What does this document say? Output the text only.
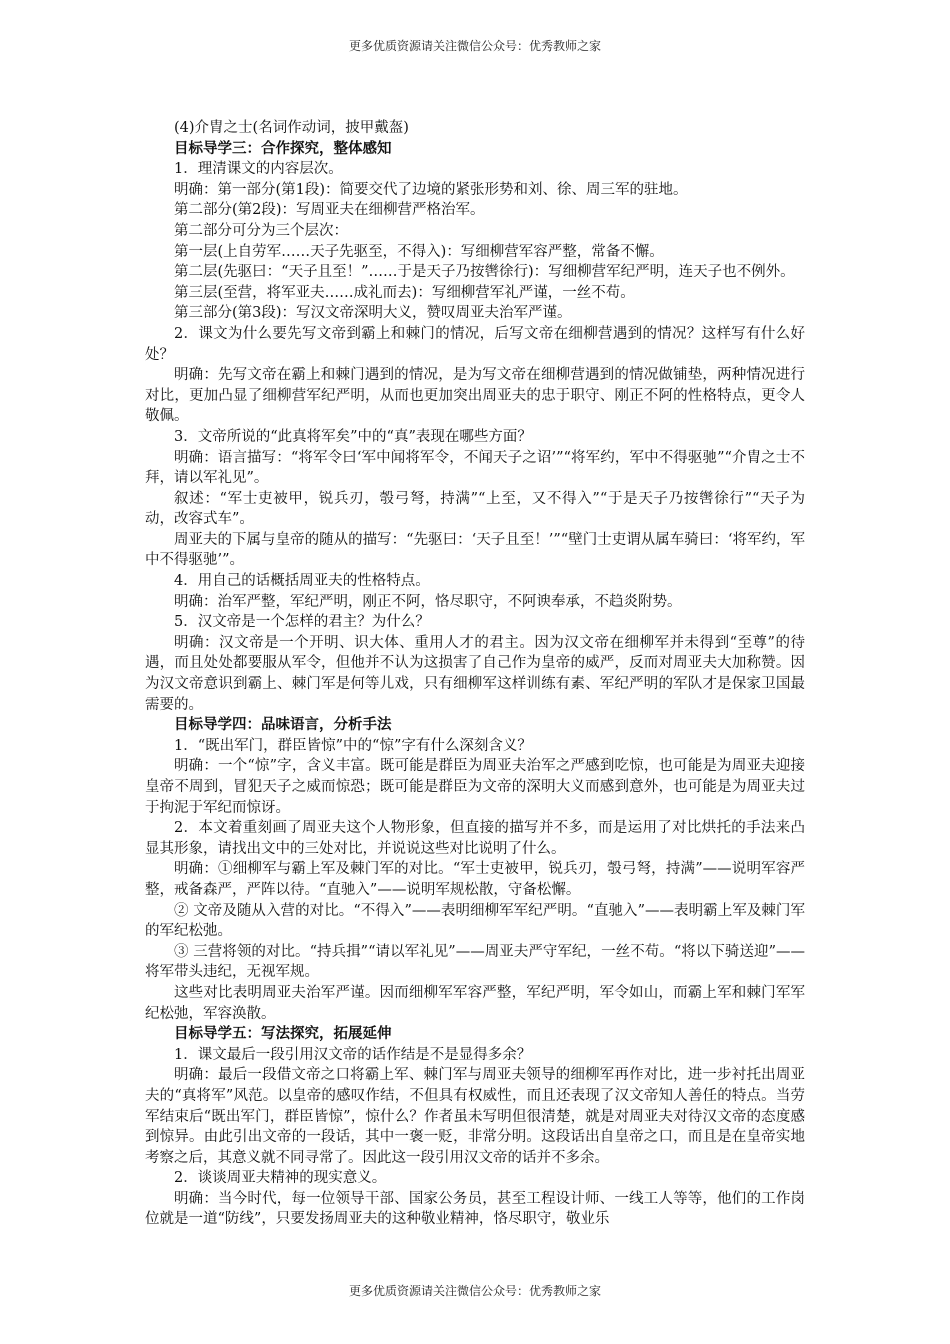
更多优质资源请关注微信公众号：优秀教师之家

(4)介胄之士(名词作动词，披甲戴盔)

目标导学三：合作探究，整体感知

1．理清课文的内容层次。

明确：第一部分(第1段)：简要交代了边境的紧张形势和刘、徐、周三军的驻地。

第二部分(第2段)：写周亚夫在细柳营严格治军。

第二部分可分为三个层次：

第一层(上自劳军……天子先驱至，不得入)：写细柳营军容严整，常备不懈。

第二层(先驱曰：“天子且至！”……于是天子乃按辔徐行)：写细柳营军纪严明，连天子也不例外。

第三层(至营，将军亚夫……成礼而去)：写细柳营军礼严谨，一丝不苟。

第三部分(第3段)：写汉文帝深明大义，赞叹周亚夫治军严谨。

2．课文为什么要先写文帝到霸上和棘门的情况，后写文帝在细柳营遇到的情况？这样写有什么好处？

明确：先写文帝在霸上和棘门遇到的情况，是为写文帝在细柳营遇到的情况做铺垫，两种情况进行对比，更加凸显了细柳营军纪严明，从而也更加突出周亚夫的忠于职守、刚正不阿的性格特点，更令人敬佩。

3．文帝所说的“此真将军矣”中的“真”表现在哪些方面？

明确：语言描写：“将军令曰‘军中闻将军令，不闻天子之诏’”“将军约，军中不得驱驰”“介胄之士不拜，请以军礼见”。

叙述：“军士吏被甲，锐兵刃，彀弓弩，持满”“上至，又不得入”“于是天子乃按辔徐行”“天子为动，改容式车”。

周亚夫的下属与皇帝的随从的描写：“先驱曰：‘天子且至！’”“壁门士吏谓从属车骑曰：‘将军约，军中不得驱驰’”。

4．用自己的话概括周亚夫的性格特点。

明确：治军严整，军纪严明，刚正不阿，恪尽职守，不阿谀奉承，不趋炎附势。

5．汉文帝是一个怎样的君主？为什么？

明确：汉文帝是一个开明、识大体、重用人才的君主。因为汉文帝在细柳军并未得到“至尊”的待遇，而且处处都要服从军令，但他并不认为这损害了自己作为皇帝的威严，反而对周亚夫大加称赞。因为汉文帝意识到霸上、棘门军是何等儿戏，只有细柳军这样训练有素、军纪严明的军队才是保家卫国最需要的。

目标导学四：品味语言，分析手法

1．“既出军门，群臣皆惊”中的“惊”字有什么深刻含义？

明确：一个“惊”字，含义丰富。既可能是群臣为周亚夫治军之严感到吃惊，也可能是为周亚夫迎接皇帝不周到，冒犯天子之威而惊恐；既可能是群臣为文帝的深明大义而感到意外，也可能是为周亚夫过于拘泥于军纪而惊讶。

2．本文着重刻画了周亚夫这个人物形象，但直接的描写并不多，而是运用了对比烘托的手法来凸显其形象，请找出文中的三处对比，并说说这些对比说明了什么。

明确：①细柳军与霸上军及棘门军的对比。“军士吏被甲，锐兵刃，彀弓弩，持满”——说明军容严整，戒备森严，严阵以待。“直驰入”——说明军规松散，守备松懈。

② 文帝及随从入营的对比。“不得入”——表明细柳军军纪严明。“直驰入”——表明霸上军及棘门军的军纪松弛。

③ 三营将领的对比。“持兵揖”“请以军礼见”——周亚夫严守军纪，一丝不苟。“将以下骑送迎”——将军带头违纪，无视军规。

这些对比表明周亚夫治军严谨。因而细柳军军容严整，军纪严明，军令如山，而霸上军和棘门军军纪松弛，军容涣散。

目标导学五：写法探究，拓展延伸

1．课文最后一段引用汉文帝的话作结是不是显得多余？

明确：最后一段借文帝之口将霸上军、棘门军与周亚夫领导的细柳军再作对比，进一步衬托出周亚夫的“真将军”风范。以皇帝的感叹作结，不但具有权威性，而且还表现了汉文帝知人善任的特点。当劳军结束后“既出军门，群臣皆惊”，惊什么？作者虽未写明但很清楚，就是对周亚夫对待汉文帝的态度感到惊异。由此引出文帝的一段话，其中一褒一贬，非常分明。这段话出自皇帝之口，而且是在皇帝实地考察之后，其意义就不同寻常了。因此这一段引用汉文帝的话并不多余。

2．谈谈周亚夫精神的现实意义。

明确：当今时代，每一位领导干部、国家公务员，甚至工程设计师、一线工人等等，他们的工作岗位就是一道“防线”，只要发扬周亚夫的这种敬业精神，恪尽职守，敬业乐

更多优质资源请关注微信公众号：优秀教师之家
